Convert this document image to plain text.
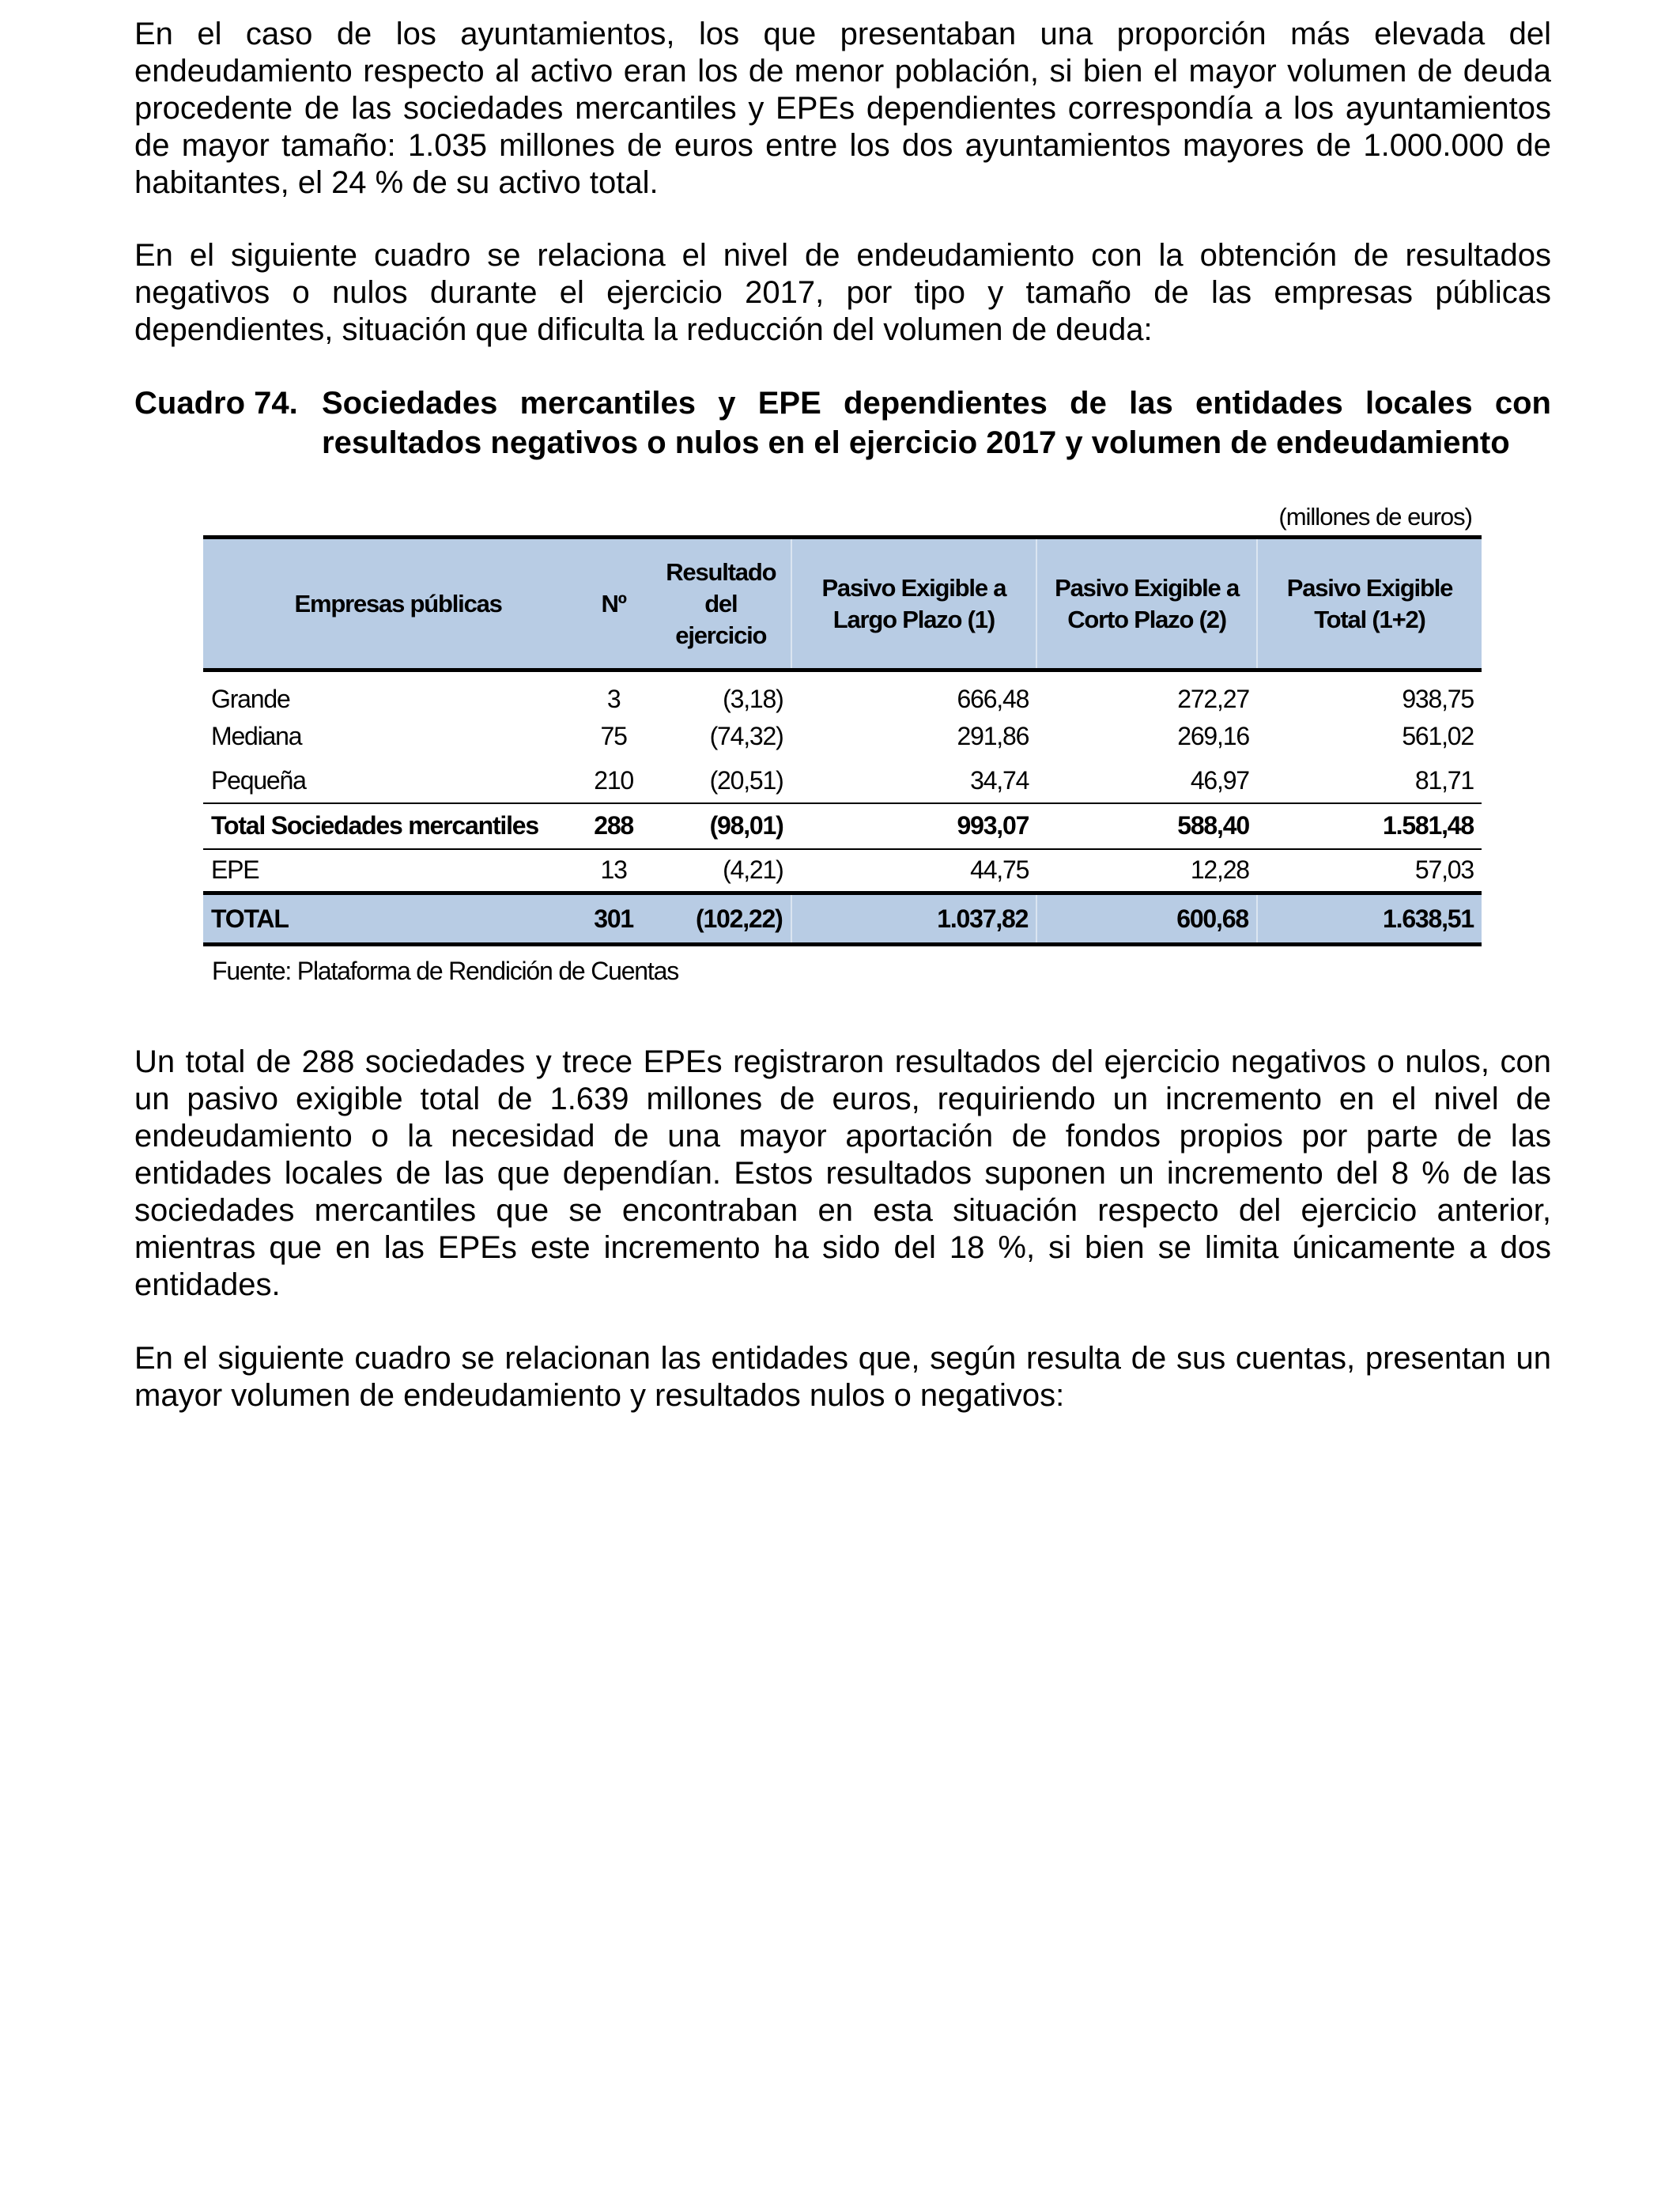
En el caso de los ayuntamientos, los que presentaban una proporción más elevada del endeudamiento respecto al activo eran los de menor población, si bien el mayor volumen de deuda procedente de las sociedades mercantiles y EPEs dependientes correspondía a los ayuntamientos de mayor tamaño: 1.035 millones de euros entre los dos ayuntamientos mayores de 1.000.000 de habitantes, el 24 % de su activo total.

En el siguiente cuadro se relaciona el nivel de endeudamiento con la obtención de resultados negativos o nulos durante el ejercicio 2017, por tipo y tamaño de las empresas públicas dependientes, situación que dificulta la reducción del volumen de deuda:

Cuadro 74. Sociedades mercantiles y EPE dependientes de las entidades locales con resultados negativos o nulos en el ejercicio 2017 y volumen de endeudamiento
(millones de euros)
Empresas públicas	Nº	Resultado del ejercicio	Pasivo Exigible a Largo Plazo (1)	Pasivo Exigible a Corto Plazo (2)	Pasivo Exigible Total (1+2)
Grande	3	(3,18)	666,48	272,27	938,75
Mediana	75	(74,32)	291,86	269,16	561,02
Pequeña	210	(20,51)	34,74	46,97	81,71
Total Sociedades mercantiles	288	(98,01)	993,07	588,40	1.581,48
EPE	13	(4,21)	44,75	12,28	57,03
TOTAL	301	(102,22)	1.037,82	600,68	1.638,51
Fuente: Plataforma de Rendición de Cuentas

Un total de 288 sociedades y trece EPEs registraron resultados del ejercicio negativos o nulos, con un pasivo exigible total de 1.639 millones de euros, requiriendo un incremento en el nivel de endeudamiento o la necesidad de una mayor aportación de fondos propios por parte de las entidades locales de las que dependían. Estos resultados suponen un incremento del 8 % de las sociedades mercantiles que se encontraban en esta situación respecto del ejercicio anterior, mientras que en las EPEs este incremento ha sido del 18 %, si bien se limita únicamente a dos entidades.

En el siguiente cuadro se relacionan las entidades que, según resulta de sus cuentas, presentan un mayor volumen de endeudamiento y resultados nulos o negativos:
